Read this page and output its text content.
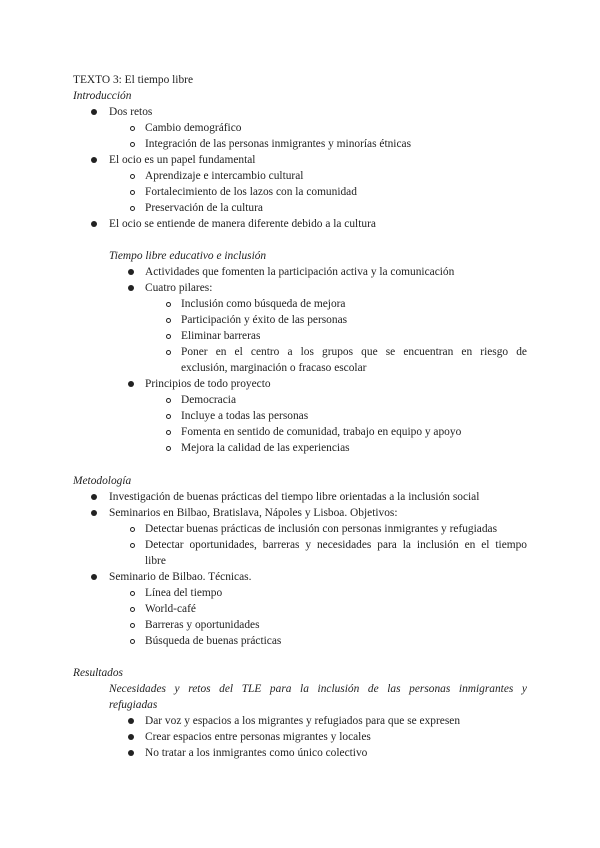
TEXTO 3: El tiempo libre
Introducción
Dos retos
Cambio demográfico
Integración de las personas inmigrantes y minorías étnicas
El ocio es un papel fundamental
Aprendizaje e intercambio cultural
Fortalecimiento de los lazos con la comunidad
Preservación de la cultura
El ocio se entiende de manera diferente debido a la cultura
Tiempo libre educativo e inclusión
Actividades que fomenten la participación activa y la comunicación
Cuatro pilares:
Inclusión como búsqueda de mejora
Participación y éxito de las personas
Eliminar barreras
Poner en el centro a los grupos que se encuentran en riesgo de
exclusión, marginación o fracaso escolar
Principios de todo proyecto
Democracia
Incluye a todas las personas
Fomenta en sentido de comunidad, trabajo en equipo y apoyo
Mejora la calidad de las experiencias
Metodología
Investigación de buenas prácticas del tiempo libre orientadas a la inclusión social
Seminarios en Bilbao, Bratislava, Nápoles y Lisboa. Objetivos:
Detectar buenas prácticas de inclusión con personas inmigrantes y refugiadas
Detectar oportunidades, barreras y necesidades para la inclusión en el tiempo
libre
Seminario de Bilbao. Técnicas.
Línea del tiempo
World-café
Barreras y oportunidades
Búsqueda de buenas prácticas
Resultados
Necesidades y retos del TLE para la inclusión de las personas inmigrantes y
refugiadas
Dar voz y espacios a los migrantes y refugiados para que se expresen
Crear espacios entre personas migrantes y locales
No tratar a los inmigrantes como único colectivo
